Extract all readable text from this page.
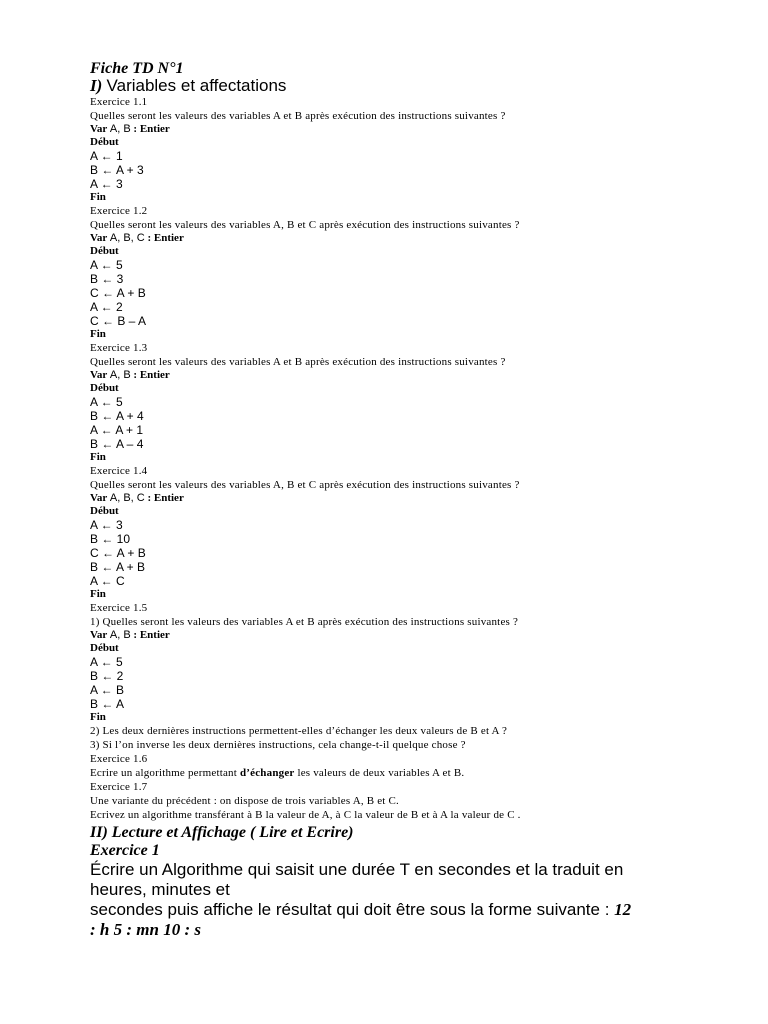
Fiche TD N°1
I) Variables et affectations
Exercice 1.1
Quelles seront les valeurs des variables A et B après exécution des instructions suivantes ?
Var A, B : Entier
Début
A ← 1
B ← A + 3
A ← 3
Fin
Exercice 1.2
Quelles seront les valeurs des variables A, B et C après exécution des instructions suivantes ?
Var A, B, C : Entier
Début
A ← 5
B ← 3
C ← A + B
A ← 2
C ← B – A
Fin
Exercice 1.3
Quelles seront les valeurs des variables A et B après exécution des instructions suivantes ?
Var A, B : Entier
Début
A ← 5
B ← A + 4
A ← A + 1
B ← A – 4
Fin
Exercice 1.4
Quelles seront les valeurs des variables A, B et C après exécution des instructions suivantes ?
Var A, B, C : Entier
Début
A ← 3
B ← 10
C ← A + B
B ← A + B
A ← C
Fin
Exercice 1.5
1) Quelles seront les valeurs des variables A et B après exécution des instructions suivantes ?
Var A, B : Entier
Début
A ← 5
B ← 2
A ← B
B ← A
Fin
2) Les deux dernières instructions permettent-elles d’échanger les deux valeurs de B et A ?
3) Si l’on inverse les deux dernières instructions, cela change-t-il quelque chose ?
Exercice 1.6
Ecrire un algorithme permettant d’échanger les valeurs de deux variables A et B.
Exercice 1.7
Une variante du précédent : on dispose de trois variables A, B et C.
Ecrivez un algorithme transférant à B la valeur de A, à C la valeur de B et à A la valeur de C .
II) Lecture et Affichage ( Lire et Ecrire)
Exercice 1
Écrire un Algorithme qui saisit une durée T en secondes et la traduit en
heures, minutes et
secondes puis affiche le résultat qui doit être sous la forme suivante : 12
: h 5 : mn 10 : s
